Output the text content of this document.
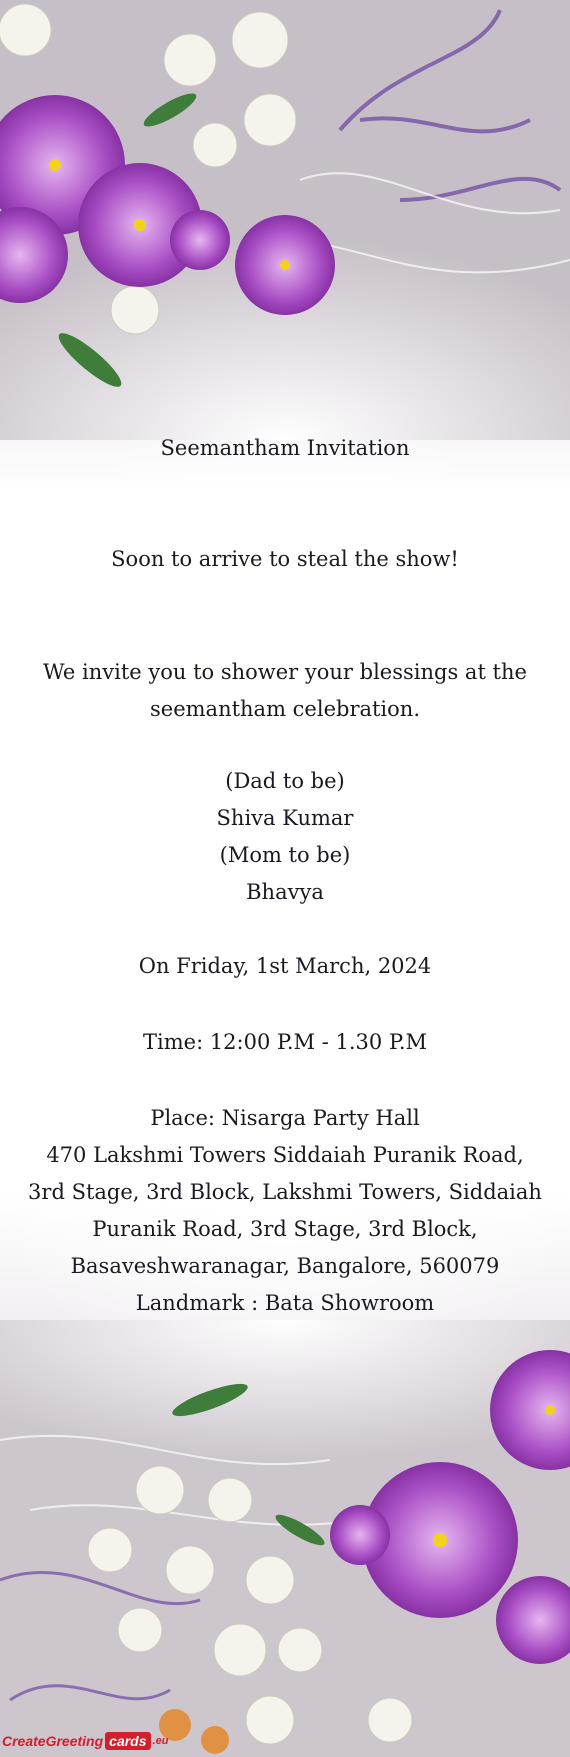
Seemantham Invitation
Soon to arrive to steal the show!
We invite you to shower your blessings at the seemantham celebration.
(Dad to be)
Shiva Kumar
(Mom to be)
Bhavya
On Friday, 1st March, 2024
Time: 12:00 P.M - 1.30 P.M
Place: Nisarga Party Hall
470 Lakshmi Towers Siddaiah Puranik Road, 3rd Stage, 3rd Block, Lakshmi Towers, Siddaiah Puranik Road, 3rd Stage, 3rd Block, Basaveshwaranagar, Bangalore, 560079
Landmark : Bata Showroom
CreateGreeting cards .eu
